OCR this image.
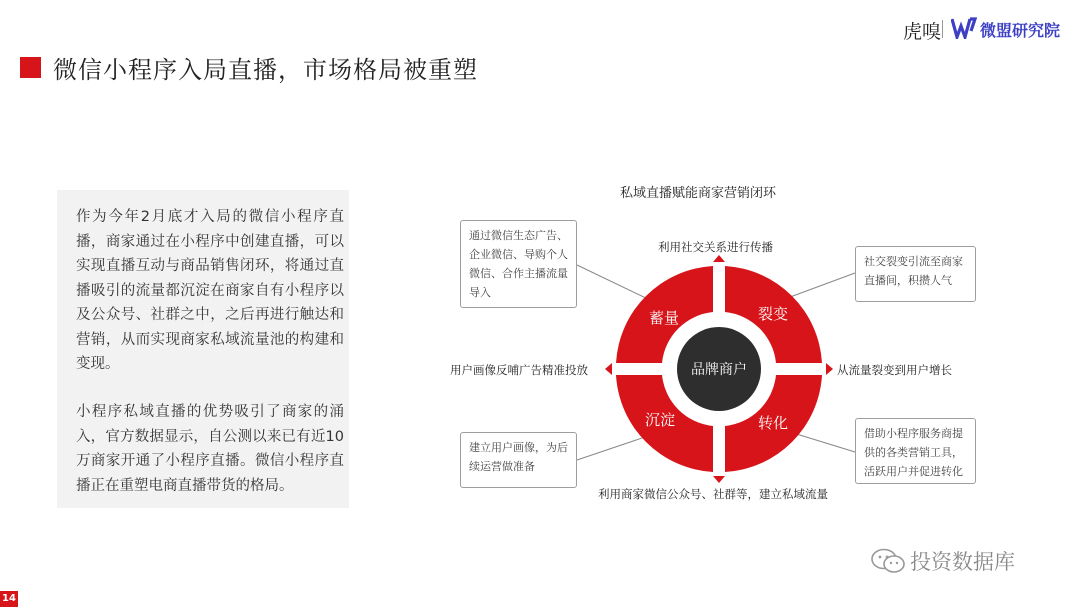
微信小程序入局直播，市场格局被重塑
虎嗅 微盟研究院
作为今年2月底才入局的微信小程序直播，商家通过在小程序中创建直播，可以实现直播互动与商品销售闭环，将通过直播吸引的流量都沉淀在商家自有小程序以及公众号、社群之中，之后再进行触达和营销，从而实现商家私域流量池的构建和变现。
小程序私域直播的优势吸引了商家的涌入，官方数据显示，自公测以来已有近10万商家开通了小程序直播。微信小程序直播正在重塑电商直播带货的格局。
私域直播赋能商家营销闭环
品牌商户
蓄量	裂变
沉淀	转化
利用社交关系进行传播
用户画像反哺广告精准投放	从流量裂变到用户增长
利用商家微信公众号、社群等，建立私域流量
通过微信生态广告、企业微信、导购个人微信、合作主播流量导入
社交裂变引流至商家直播间，积攒人气
建立用户画像，为后续运营做准备
借助小程序服务商提供的各类营销工具，活跃用户并促进转化
14
投资数据库
